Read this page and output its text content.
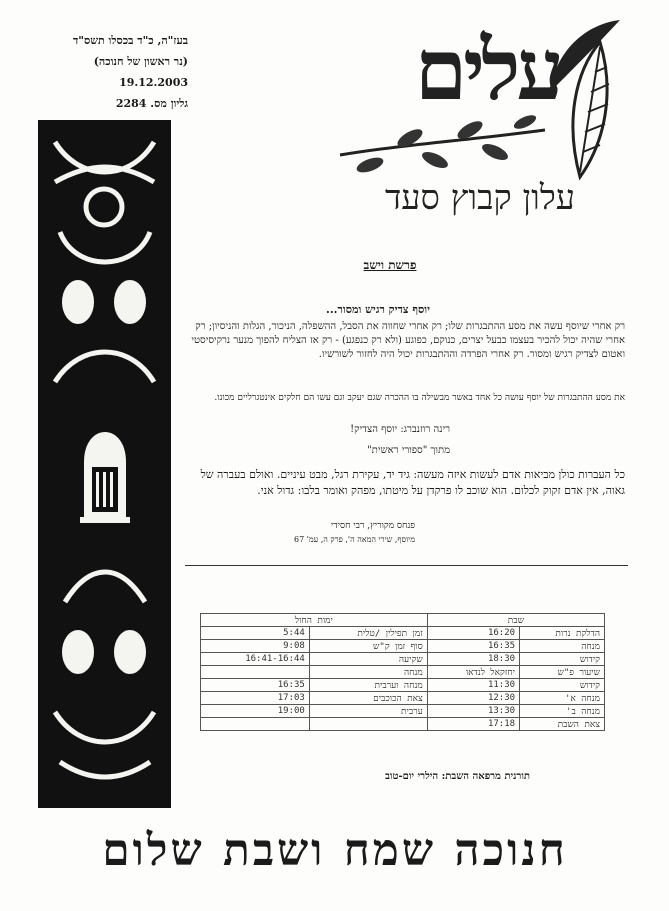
בעז"ה, כ"ד בכסלו תשס"ד
(נר ראשון של חנוכה)
19.12.2003
גליון מס. 2284	עלים
עלון קבוץ סעד
פרשת וישב
יוסף צדיק רגיש ומסור...
רק אחרי שיוסף עשה את מסע ההתבגרות שלו; רק אחרי שחווה את הסבל, ההשפלה, הניכור, הגלות והניסיון; רק אחרי שהיה יכול להכיר בעצמו כבעל יצרים, כנוקם, כפוגע (ולא רק כנפגע) - רק אז הצליח להפוך מנער נרקיסיסטי ואטום לצדיק רגיש ומסור. רק אחרי הפרדה וההתבגרות יכול היה לחזור לשורשיו.
את מסע ההתבגרות של יוסף עושה כל אחד באשר מבשילה בו ההכרה שגם יעקב וגם עשו הם חלקים אינטגרליים מכונו.
רינה רוזנברג: יוסף הצדיק!
מתוך "ספורי ראשית"
כל העברות כולן מביאות אדם לעשות איזה מעשה: גיד יד, עקירת רגל, מבט עיניים. ואולם בעברה של גאוה, אין אדם זקוק לכלום. הוא שוכב לו פרקדן על מיטתו, מפהק ואומר בלבו: גדול אני.
פנחס מקוריץ, רבי חסידי
מיוסף, שירי המאה ה', פרק ה, עמ' 67
שבת		ימות החול	
הדלקת נרות	16:20	זמן תפילין /טלית	5:44
מנחה	16:35	סוף זמן ק"ש	9:08
קידוש	18:30	שקיעה	16:41-16:44
שיעור פ"ש	יחזקאל לנדאו	מנחה	
קידוש	11:30	מנחה וערבית	16:35
מנחה א'	12:30	צאת הכוכבים	17:03
מנחה ב'	13:30	ערבית	19:00
צאת השבת	17:18		
תורנית מרפאה השבת: הילרי יום-טוב
חנוכה שמח ושבת שלום
